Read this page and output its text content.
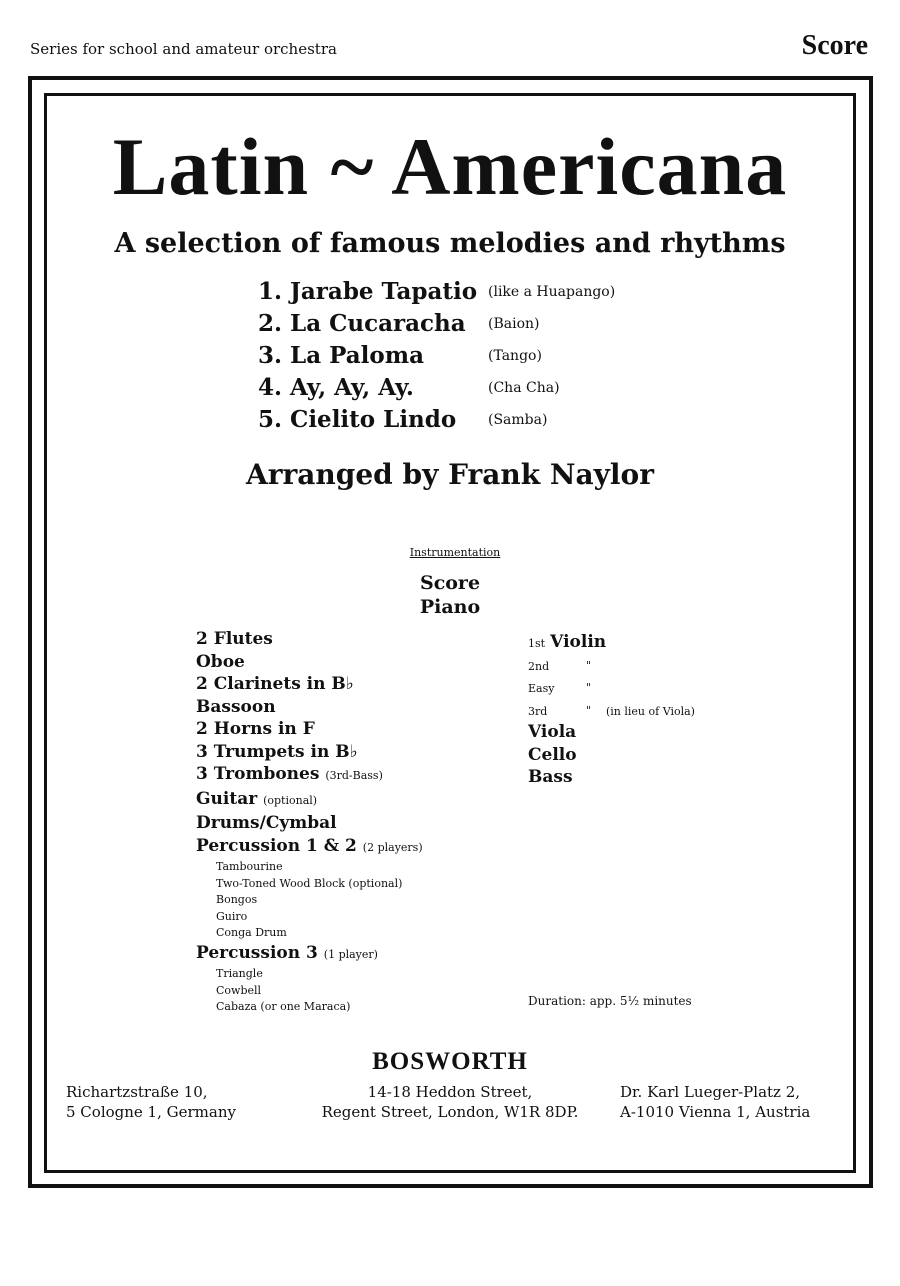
Series for school and amateur orchestra	Score
Latin ~ Americana
A selection of famous melodies and rhythms
1. Jarabe Tapatio (like a Huapango)
2. La Cucaracha (Baion)
3. La Paloma	(Tango)
4. Ay, Ay, Ay.	(Cha Cha)
5. Cielito Lindo (Samba)
Arranged by Frank Naylor
Instrumentation
Score
Piano
2 Flutes
Oboe
2 Clarinets in B♭
Bassoon
2 Horns in F
3 Trumpets in B♭
3 Trombones (3rd-Bass)
Guitar (optional)
Drums/Cymbal
Percussion 1 & 2 (2 players)
Tambourine
Two-Toned Wood Block (optional)
Bongos
Guiro
Conga Drum
Percussion 3 (1 player)
Triangle
Cowbell
Cabaza (or one Maraca)
1st Violin
2nd	"
Easy	"
3rd	" (in lieu of Viola)
Viola
Cello
Bass
Duration: app. 5½ minutes
BOSWORTH
Richartzstraße 10,
5 Cologne 1, Germany
14-18 Heddon Street,
Regent Street, London, W1R 8DP.
Dr. Karl Lueger-Platz 2,
A-1010 Vienna 1, Austria
